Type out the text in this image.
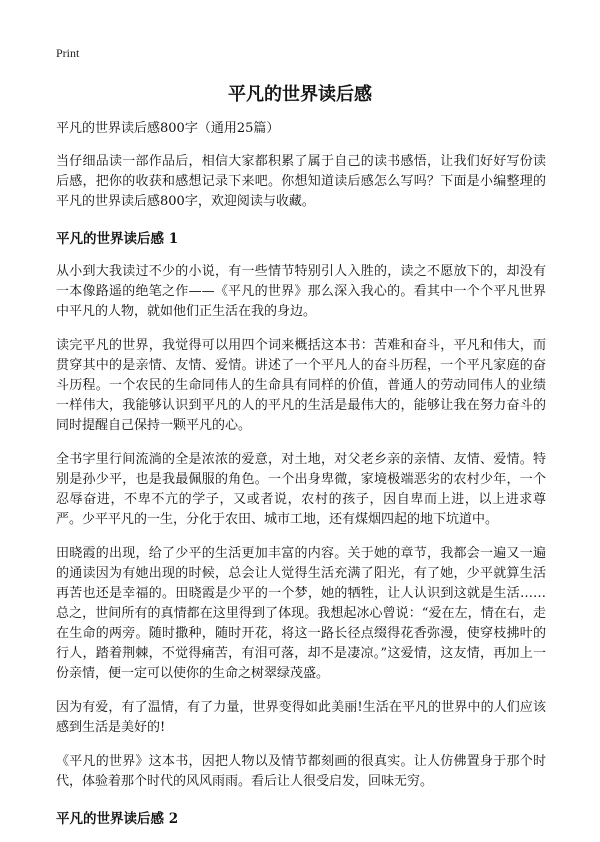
Print
平凡的世界读后感

平凡的世界读后感800字（通用25篇）

当仔细品读一部作品后，相信大家都积累了属于自己的读书感悟，让我们好好写份读后感，把你的收获和感想记录下来吧。你想知道读后感怎么写吗？下面是小编整理的平凡的世界读后感800字，欢迎阅读与收藏。

平凡的世界读后感 1

从小到大我读过不少的小说，有一些情节特别引人入胜的，读之不愿放下的，却没有一本像路遥的绝笔之作——《平凡的世界》那么深入我心的。看其中一个个平凡世界中平凡的人物，就如他们正生活在我的身边。

读完平凡的世界，我觉得可以用四个词来概括这本书：苦难和奋斗，平凡和伟大，而贯穿其中的是亲情、友情、爱情。讲述了一个平凡人的奋斗历程，一个平凡家庭的奋斗历程。一个农民的生命同伟人的生命具有同样的价值，普通人的劳动同伟人的业绩一样伟大，我能够认识到平凡的人的平凡的生活是最伟大的，能够让我在努力奋斗的同时提醒自己保持一颗平凡的心。

全书字里行间流淌的全是浓浓的爱意，对土地，对父老乡亲的亲情、友情、爱情。特别是孙少平，也是我最佩服的角色。一个出身卑微，家境极端恶劣的农村少年，一个忍辱奋进，不卑不亢的学子，又或者说，农村的孩子，因自卑而上进，以上进求尊严。少平平凡的一生，分化于农田、城市工地，还有煤烟四起的地下坑道中。

田晓霞的出现，给了少平的生活更加丰富的内容。关于她的章节，我都会一遍又一遍的通读因为有她出现的时候，总会让人觉得生活充满了阳光，有了她，少平就算生活再苦也还是幸福的。田晓霞是少平的一个梦，她的牺牲，让人认识到这就是生活……总之，世间所有的真情都在这里得到了体现。我想起冰心曾说：“爱在左，情在右，走在生命的两旁。随时撒种，随时开花，将这一路长径点缀得花香弥漫，使穿枝拂叶的行人，踏着荆棘，不觉得痛苦，有泪可落，却不是凄凉。”这爱情，这友情，再加上一份亲情，便一定可以使你的生命之树翠绿茂盛。

因为有爱，有了温情，有了力量，世界变得如此美丽!生活在平凡的世界中的人们应该感到生活是美好的!

《平凡的世界》这本书，因把人物以及情节都刻画的很真实。让人仿佛置身于那个时代，体验着那个时代的风风雨雨。看后让人很受启发，回味无穷。

平凡的世界读后感 2
